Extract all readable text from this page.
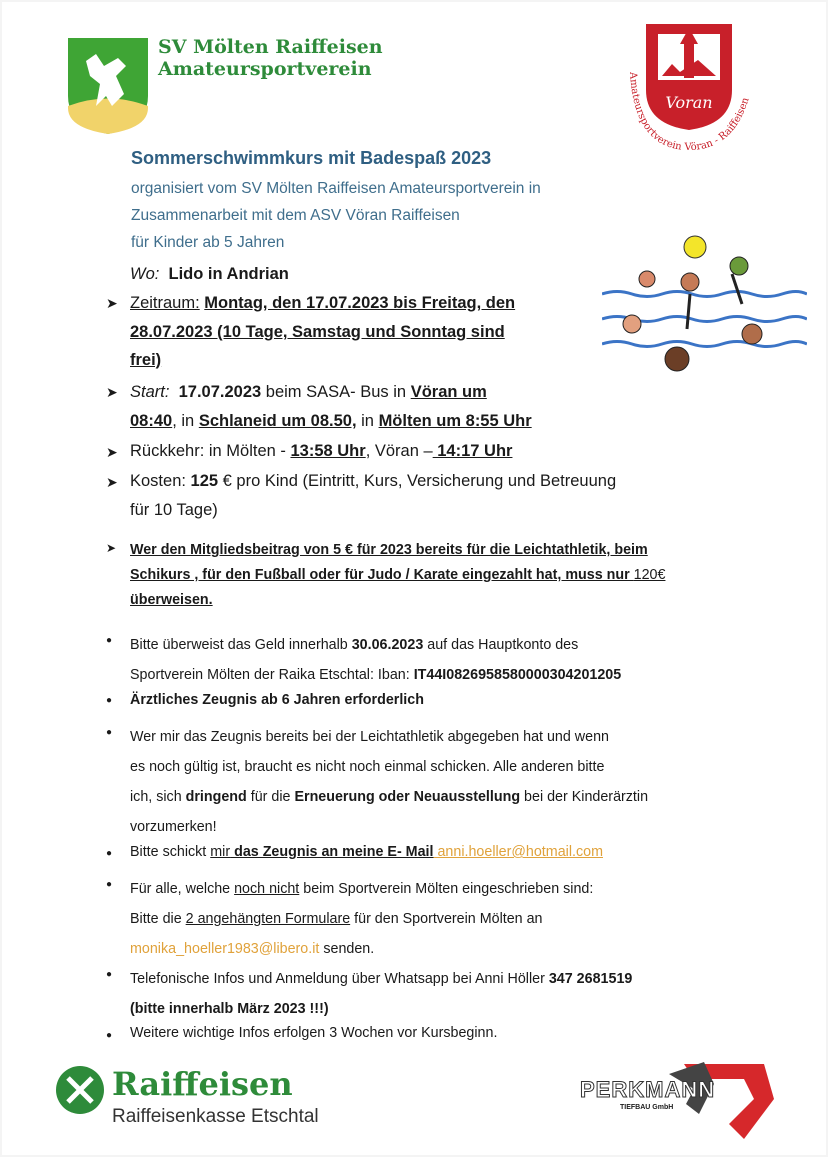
SV Mölten Raiffeisen
Amateursportverein
Voran
Amateursportverein Vöran - Raiffeisen
Sommerschwimmkurs mit Badespaß 2023
organisiert vom SV Mölten Raiffeisen Amateursportverein in
Zusammenarbeit mit dem ASV Vöran Raiffeisen
für Kinder ab 5 Jahren
Wo: Lido in Andrian
➤ Zeitraum: Montag, den 17.07.2023 bis Freitag, den
28.07.2023 (10 Tage, Samstag und Sonntag sind
frei)
➤ Start: 17.07.2023 beim SASA- Bus in Vöran um
08:40, in Schlaneid um 08.50, in Mölten um 8:55 Uhr
➤ Rückkehr: in Mölten - 13:58 Uhr, Vöran – 14:17 Uhr
➤ Kosten: 125 € pro Kind (Eintritt, Kurs, Versicherung und Betreuung
für 10 Tage)
➤ Wer den Mitgliedsbeitrag von 5 € für 2023 bereits für die Leichtathletik, beim
Schikurs , für den Fußball oder für Judo / Karate eingezahlt hat, muss nur 120€
überweisen.
● Bitte überweist das Geld innerhalb 30.06.2023 auf das Hauptkonto des
Sportverein Mölten der Raika Etschtal: Iban: IT44I0826958580000304201205
● Ärztliches Zeugnis ab 6 Jahren erforderlich
● Wer mir das Zeugnis bereits bei der Leichtathletik abgegeben hat und wenn
es noch gültig ist, braucht es nicht noch einmal schicken. Alle anderen bitte
ich, sich dringend für die Erneuerung oder Neuausstellung bei der Kinderärztin
vorzumerken!
● Bitte schickt mir das Zeugnis an meine E- Mail anni.hoeller@hotmail.com
● Für alle, welche noch nicht beim Sportverein Mölten eingeschrieben sind:
Bitte die 2 angehängten Formulare für den Sportverein Mölten an
monika_hoeller1983@libero.it senden.
● Telefonische Infos und Anmeldung über Whatsapp bei Anni Höller 347 2681519
(bitte innerhalb März 2023 !!!)
● Weitere wichtige Infos erfolgen 3 Wochen vor Kursbeginn.
Raiffeisen
Raiffeisenkasse Etschtal
PERKMANN
TIEFBAU GmbH
